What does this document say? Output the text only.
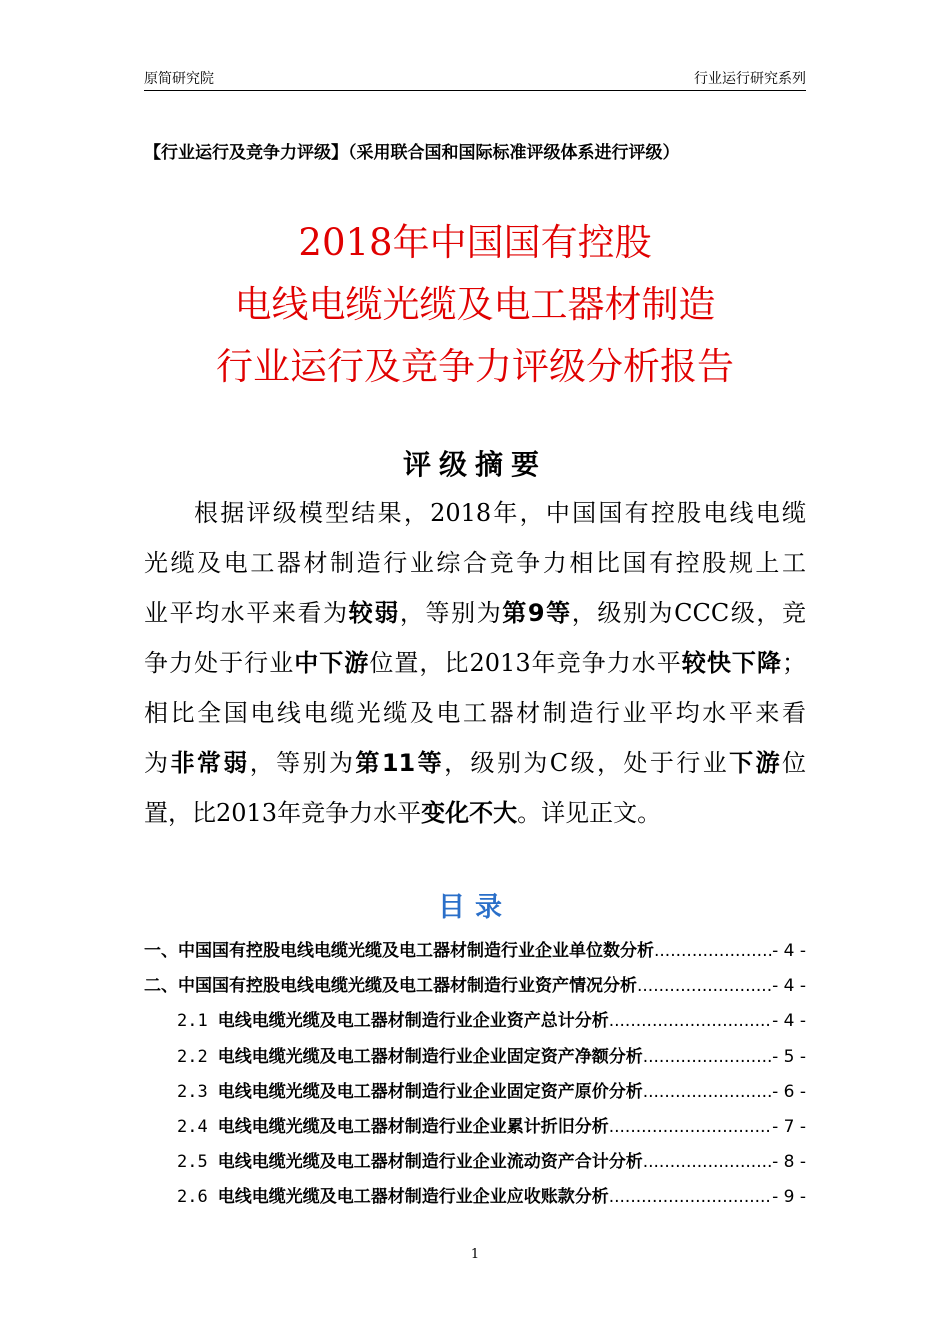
原简研究院	行业运行研究系列
【行业运行及竞争力评级】（采用联合国和国际标准评级体系进行评级）
2018年中国国有控股
电线电缆光缆及电工器材制造
行业运行及竞争力评级分析报告
评级摘要
根据评级模型结果，2018年，中国国有控股电线电缆
光缆及电工器材制造行业综合竞争力相比国有控股规上工
业平均水平来看为较弱，等别为第9等，级别为CCC级，竞
争力处于行业中下游位置，比2013年竞争力水平较快下降；
相比全国电线电缆光缆及电工器材制造行业平均水平来看
为非常弱，等别为第11等，级别为C级，处于行业下游位
置，比2013年竞争力水平变化不大。详见正文。
目录
一、中国国有控股电线电缆光缆及电工器材制造行业企业单位数分析 .....	- 4 -
二、中国国有控股电线电缆光缆及电工器材制造行业资产情况分析 .....	- 4 -
2.1 电线电缆光缆及电工器材制造行业企业资产总计分析 .....	- 4 -
2.2 电线电缆光缆及电工器材制造行业企业固定资产净额分析 .....	- 5 -
2.3 电线电缆光缆及电工器材制造行业企业固定资产原价分析 .....	- 6 -
2.4 电线电缆光缆及电工器材制造行业企业累计折旧分析 .....	- 7 -
2.5 电线电缆光缆及电工器材制造行业企业流动资产合计分析 .....	- 8 -
2.6 电线电缆光缆及电工器材制造行业企业应收账款分析 .....	- 9 -
1
